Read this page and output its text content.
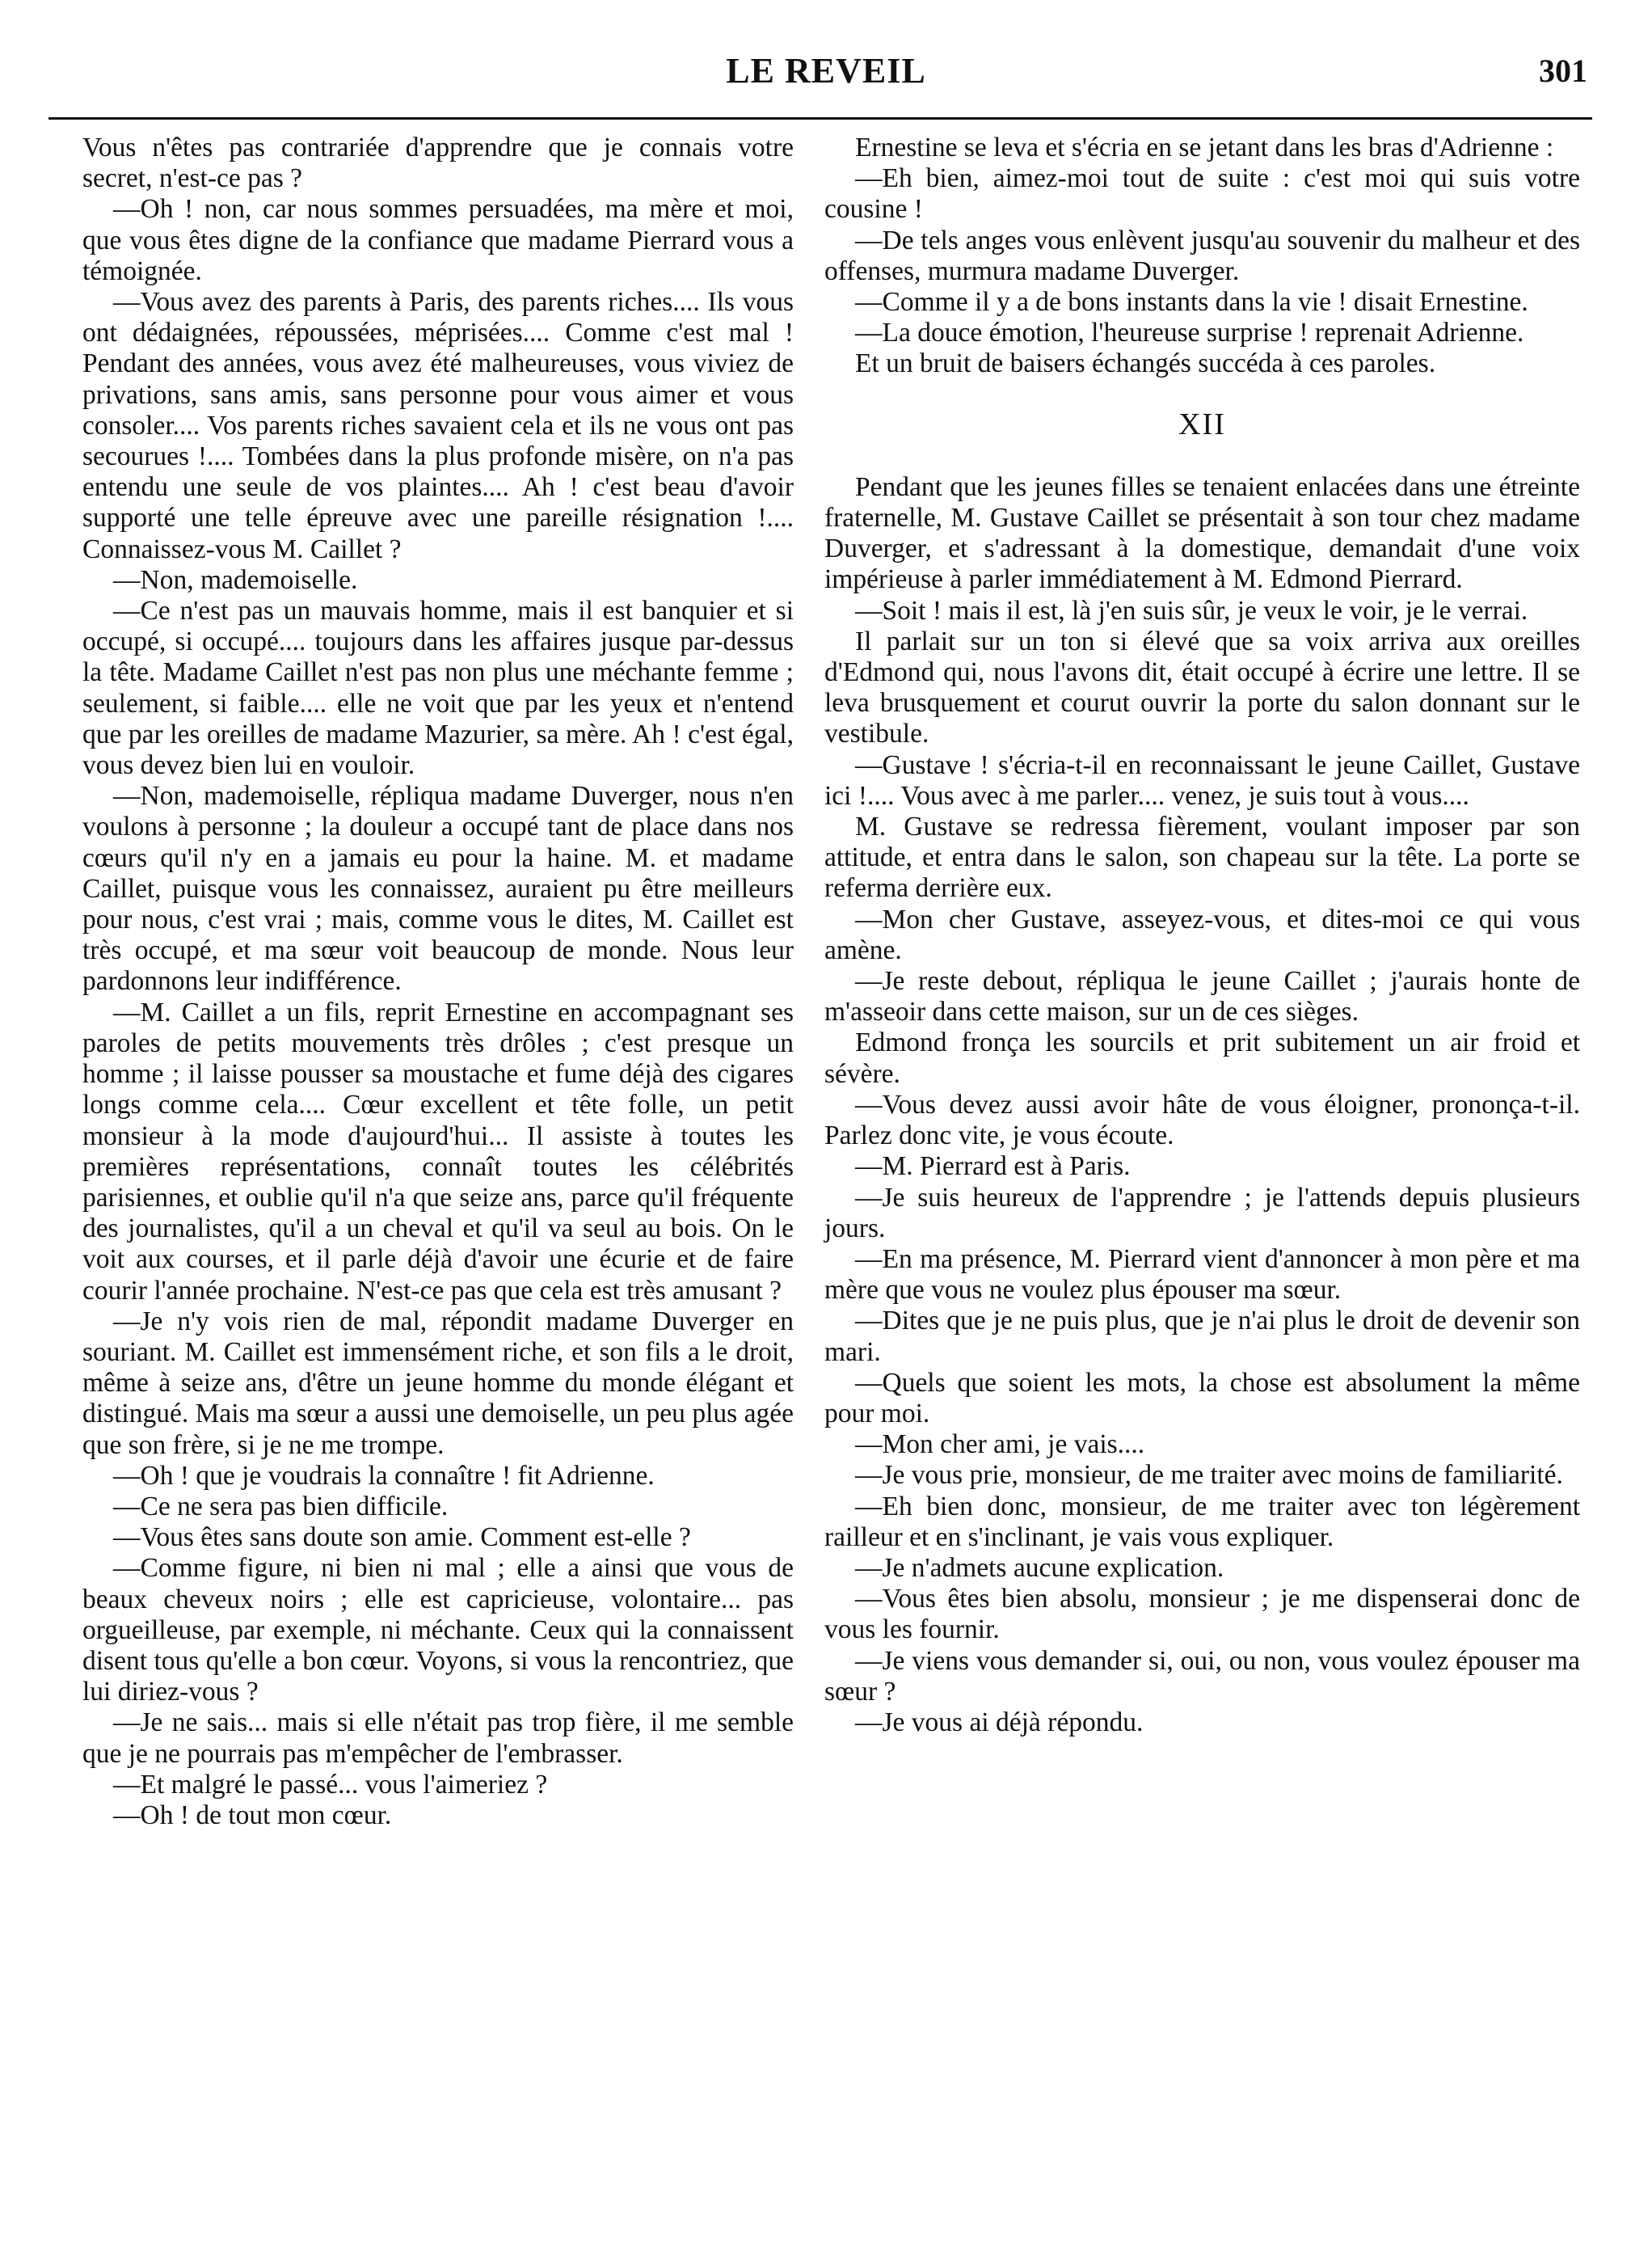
LE REVEIL	301

Vous n'êtes pas contrariée d'apprendre que je connais votre secret, n'est-ce pas ?

—Oh ! non, car nous sommes persuadées, ma mère et moi, que vous êtes digne de la confiance que madame Pierrard vous a témoignée.

—Vous avez des parents à Paris, des parents riches.... Ils vous ont dédaignées, répoussées, méprisées.... Comme c'est mal ! Pendant des années, vous avez été malheureuses, vous viviez de privations, sans amis, sans personne pour vous aimer et vous consoler.... Vos parents riches savaient cela et ils ne vous ont pas secourues !.... Tombées dans la plus profonde misère, on n'a pas entendu une seule de vos plaintes.... Ah ! c'est beau d'avoir supporté une telle épreuve avec une pareille résignation !.... Connaissez-vous M. Caillet ?

—Non, mademoiselle.

—Ce n'est pas un mauvais homme, mais il est banquier et si occupé, si occupé.... toujours dans les affaires jusque par-dessus la tête. Madame Caillet n'est pas non plus une méchante femme ; seulement, si faible.... elle ne voit que par les yeux et n'entend que par les oreilles de madame Mazurier, sa mère. Ah ! c'est égal, vous devez bien lui en vouloir.

—Non, mademoiselle, répliqua madame Duverger, nous n'en voulons à personne ; la douleur a occupé tant de place dans nos cœurs qu'il n'y en a jamais eu pour la haine. M. et madame Caillet, puisque vous les connaissez, auraient pu être meilleurs pour nous, c'est vrai ; mais, comme vous le dites, M. Caillet est très occupé, et ma sœur voit beaucoup de monde. Nous leur pardonnons leur indifférence.

—M. Caillet a un fils, reprit Ernestine en accompagnant ses paroles de petits mouvements très drôles ; c'est presque un homme ; il laisse pousser sa moustache et fume déjà des cigares longs comme cela.... Cœur excellent et tête folle, un petit monsieur à la mode d'aujourd'hui... Il assiste à toutes les premières représentations, connaît toutes les célébrités parisiennes, et oublie qu'il n'a que seize ans, parce qu'il fréquente des journalistes, qu'il a un cheval et qu'il va seul au bois. On le voit aux courses, et il parle déjà d'avoir une écurie et de faire courir l'année prochaine. N'est-ce pas que cela est très amusant ?

—Je n'y vois rien de mal, répondit madame Duverger en souriant. M. Caillet est immensément riche, et son fils a le droit, même à seize ans, d'être un jeune homme du monde élégant et distingué. Mais ma sœur a aussi une demoiselle, un peu plus agée que son frère, si je ne me trompe.

—Oh ! que je voudrais la connaître ! fit Adrienne.

—Ce ne sera pas bien difficile.

—Vous êtes sans doute son amie. Comment est-elle ?

—Comme figure, ni bien ni mal ; elle a ainsi que vous de beaux cheveux noirs ; elle est capricieuse, volontaire... pas orgueilleuse, par exemple, ni méchante. Ceux qui la connaissent disent tous qu'elle a bon cœur. Voyons, si vous la rencontriez, que lui diriez-vous ?

—Je ne sais... mais si elle n'était pas trop fière, il me semble que je ne pourrais pas m'empêcher de l'embrasser.

—Et malgré le passé... vous l'aimeriez ?

—Oh ! de tout mon cœur.

Ernestine se leva et s'écria en se jetant dans les bras d'Adrienne :

—Eh bien, aimez-moi tout de suite : c'est moi qui suis votre cousine !

—De tels anges vous enlèvent jusqu'au souvenir du malheur et des offenses, murmura madame Duverger.

—Comme il y a de bons instants dans la vie ! disait Ernestine.

—La douce émotion, l'heureuse surprise ! reprenait Adrienne.

Et un bruit de baisers échangés succéda à ces paroles.

XII

Pendant que les jeunes filles se tenaient enlacées dans une étreinte fraternelle, M. Gustave Caillet se présentait à son tour chez madame Duverger, et s'adressant à la domestique, demandait d'une voix impérieuse à parler immédiatement à M. Edmond Pierrard.

—Soit ! mais il est, là j'en suis sûr, je veux le voir, je le verrai.

Il parlait sur un ton si élevé que sa voix arriva aux oreilles d'Edmond qui, nous l'avons dit, était occupé à écrire une lettre. Il se leva brusquement et courut ouvrir la porte du salon donnant sur le vestibule.

—Gustave ! s'écria-t-il en reconnaissant le jeune Caillet, Gustave ici !.... Vous avec à me parler.... venez, je suis tout à vous....

M. Gustave se redressa fièrement, voulant imposer par son attitude, et entra dans le salon, son chapeau sur la tête. La porte se referma derrière eux.

—Mon cher Gustave, asseyez-vous, et dites-moi ce qui vous amène.

—Je reste debout, répliqua le jeune Caillet ; j'aurais honte de m'asseoir dans cette maison, sur un de ces sièges.

Edmond fronça les sourcils et prit subitement un air froid et sévère.

—Vous devez aussi avoir hâte de vous éloigner, prononça-t-il. Parlez donc vite, je vous écoute.

—M. Pierrard est à Paris.

—Je suis heureux de l'apprendre ; je l'attends depuis plusieurs jours.

—En ma présence, M. Pierrard vient d'annoncer à mon père et ma mère que vous ne voulez plus épouser ma sœur.

—Dites que je ne puis plus, que je n'ai plus le droit de devenir son mari.

—Quels que soient les mots, la chose est absolument la même pour moi.

—Mon cher ami, je vais....

—Je vous prie, monsieur, de me traiter avec moins de familiarité.

—Eh bien donc, monsieur, de me traiter avec ton légèrement railleur et en s'inclinant, je vais vous expliquer.

—Je n'admets aucune explication.

—Vous êtes bien absolu, monsieur ; je me dispenserai donc de vous les fournir.

—Je viens vous demander si, oui, ou non, vous voulez épouser ma sœur ?

—Je vous ai déjà répondu.
